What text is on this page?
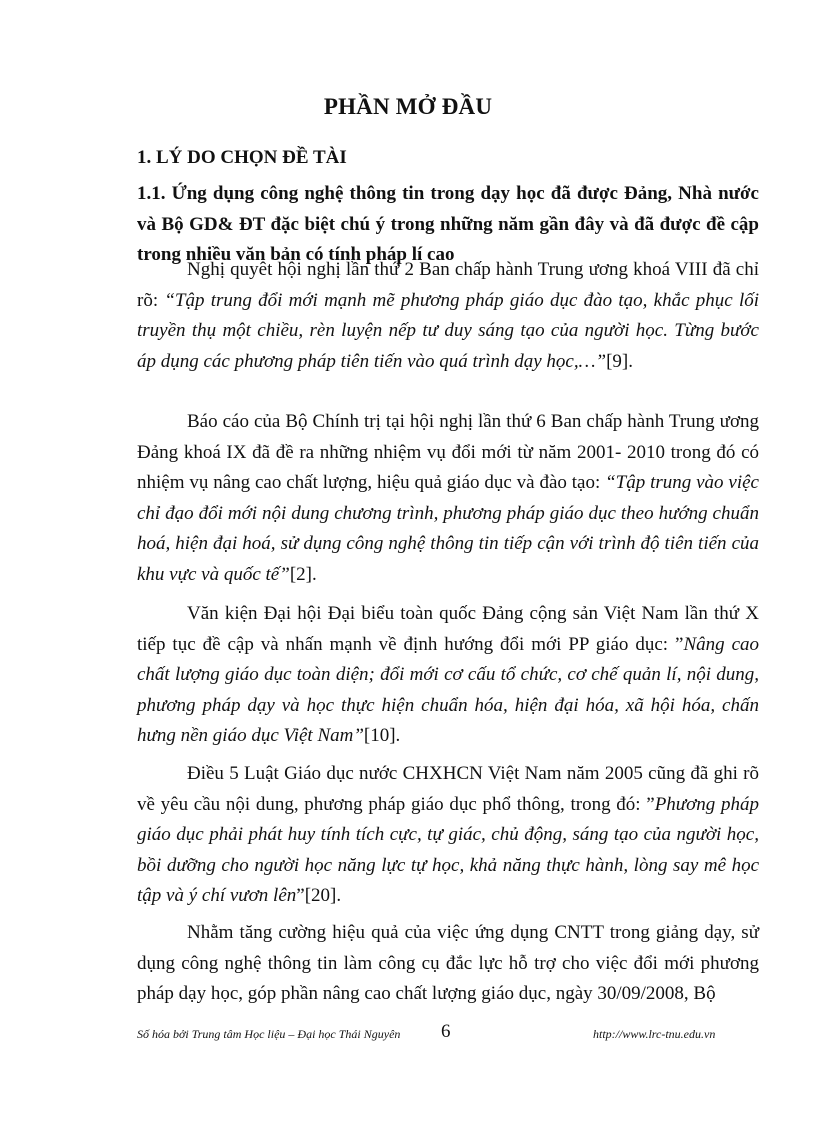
PHẦN MỞ ĐẦU
1. LÝ DO CHỌN ĐỀ TÀI
1.1. Ứng dụng công nghệ thông tin trong dạy học đã được Đảng, Nhà nước và Bộ GD& ĐT đặc biệt chú ý trong những năm gần đây và đã được đề cập trong nhiều văn bản có tính pháp lí cao

Nghị quyêt hội nghị lần thứ 2 Ban chấp hành Trung ương khoá VIII đã chỉ rõ: “Tập trung đổi mới mạnh mẽ phương pháp giáo dục đào tạo, khắc phục lối truyền thụ một chiều, rèn luyện nếp tư duy sáng tạo của người học. Từng bước áp dụng các phương pháp tiên tiến vào quá trình dạy học,…”[9].

Báo cáo của Bộ Chính trị tại hội nghị lần thứ 6 Ban chấp hành Trung ương Đảng khoá IX đã đề ra những nhiệm vụ đổi mới từ năm 2001- 2010 trong đó có nhiệm vụ nâng cao chất lượng, hiệu quả giáo dục và đào tạo: “Tập trung vào việc chỉ đạo đổi mới nội dung chương trình, phương pháp giáo dục theo hướng chuẩn hoá, hiện đại hoá, sử dụng công nghệ thông tin tiếp cận với trình độ tiên tiến của khu vực và quốc tế”[2].

Văn kiện Đại hội Đại biểu toàn quốc Đảng cộng sản Việt Nam lần thứ X tiếp tục đề cập và nhấn mạnh về định hướng đổi mới PP giáo dục: ”Nâng cao chất lượng giáo dục toàn diện; đổi mới cơ cấu tổ chức, cơ chế quản lí, nội dung, phương pháp dạy và học thực hiện chuẩn hóa, hiện đại hóa, xã hội hóa, chấn hưng nền giáo dục Việt Nam”[10].

Điều 5 Luật Giáo dục nước CHXHCN Việt Nam năm 2005 cũng đã ghi rõ về yêu cầu nội dung, phương pháp giáo dục phổ thông, trong đó: ”Phương pháp giáo dục phải phát huy tính tích cực, tự giác, chủ động, sáng tạo của người học, bồi dưỡng cho người học năng lực tự học, khả năng thực hành, lòng say mê học tập và ý chí vươn lên”[20].

Nhằm tăng cường hiệu quả của việc ứng dụng CNTT trong giảng dạy, sử dụng công nghệ thông tin làm công cụ đắc lực hỗ trợ cho việc đổi mới phương pháp dạy học, góp phần nâng cao chất lượng giáo dục, ngày 30/09/2008, Bộ

Số hóa bởi Trung tâm Học liệu – Đại học Thái Nguyên 6	http://www.lrc-tnu.edu.vn
